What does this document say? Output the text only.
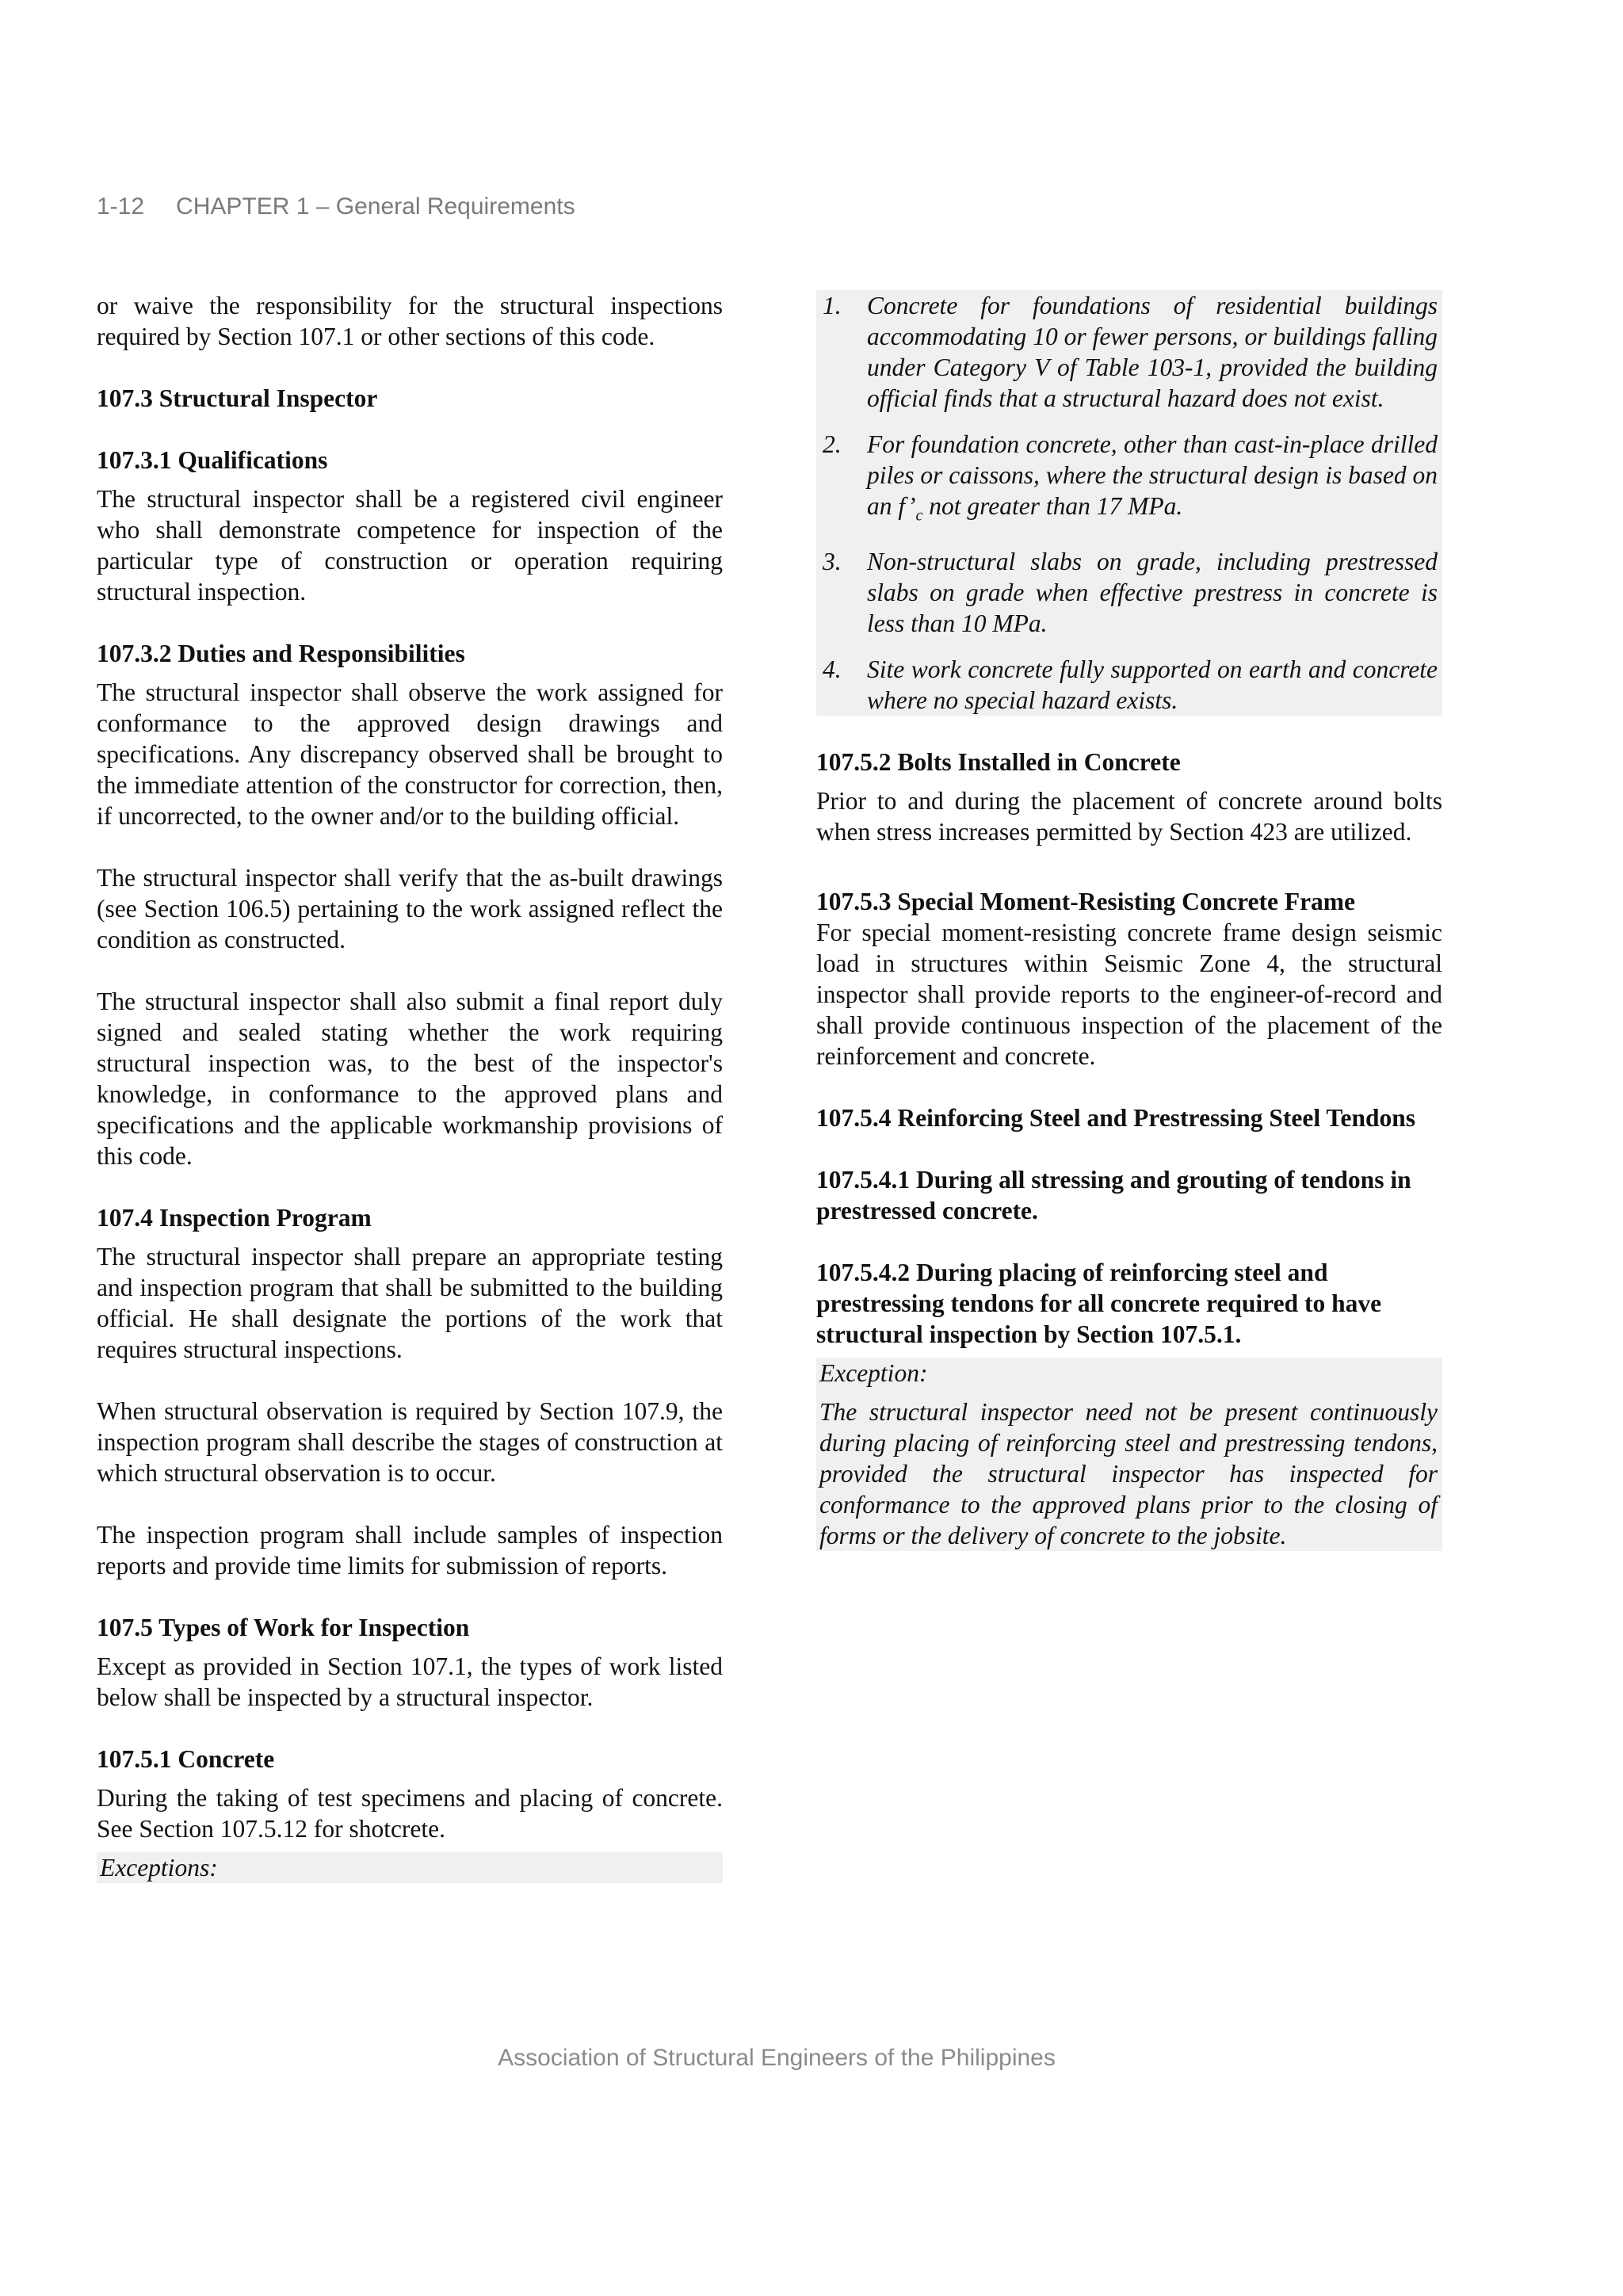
1-12 CHAPTER 1 – General Requirements

or waive the responsibility for the structural inspections required by Section 107.1 or other sections of this code.

107.3 Structural Inspector

107.3.1 Qualifications

The structural inspector shall be a registered civil engineer who shall demonstrate competence for inspection of the particular type of construction or operation requiring structural inspection.

107.3.2 Duties and Responsibilities

The structural inspector shall observe the work assigned for conformance to the approved design drawings and specifications. Any discrepancy observed shall be brought to the immediate attention of the constructor for correction, then, if uncorrected, to the owner and/or to the building official.

The structural inspector shall verify that the as-built drawings (see Section 106.5) pertaining to the work assigned reflect the condition as constructed.

The structural inspector shall also submit a final report duly signed and sealed stating whether the work requiring structural inspection was, to the best of the inspector's knowledge, in conformance to the approved plans and specifications and the applicable workmanship provisions of this code.

107.4 Inspection Program

The structural inspector shall prepare an appropriate testing and inspection program that shall be submitted to the building official. He shall designate the portions of the work that requires structural inspections.

When structural observation is required by Section 107.9, the inspection program shall describe the stages of construction at which structural observation is to occur.

The inspection program shall include samples of inspection reports and provide time limits for submission of reports.

107.5 Types of Work for Inspection

Except as provided in Section 107.1, the types of work listed below shall be inspected by a structural inspector.

107.5.1 Concrete

During the taking of test specimens and placing of concrete. See Section 107.5.12 for shotcrete.

Exceptions:

1. Concrete for foundations of residential buildings accommodating 10 or fewer persons, or buildings falling under Category V of Table 103-1, provided the building official finds that a structural hazard does not exist.
2. For foundation concrete, other than cast-in-place drilled piles or caissons, where the structural design is based on an $f’_c$ not greater than 17 MPa.
3. Non-structural slabs on grade, including prestressed slabs on grade when effective prestress in concrete is less than 10 MPa.
4. Site work concrete fully supported on earth and concrete where no special hazard exists.

107.5.2 Bolts Installed in Concrete

Prior to and during the placement of concrete around bolts when stress increases permitted by Section 423 are utilized.

107.5.3 Special Moment-Resisting Concrete Frame

For special moment-resisting concrete frame design seismic load in structures within Seismic Zone 4, the structural inspector shall provide reports to the engineer-of-record and shall provide continuous inspection of the placement of the reinforcement and concrete.

107.5.4 Reinforcing Steel and Prestressing Steel Tendons

107.5.4.1 During all stressing and grouting of tendons in prestressed concrete.

107.5.4.2 During placing of reinforcing steel and prestressing tendons for all concrete required to have structural inspection by Section 107.5.1.

Exception:

The structural inspector need not be present continuously during placing of reinforcing steel and prestressing tendons, provided the structural inspector has inspected for conformance to the approved plans prior to the closing of forms or the delivery of concrete to the jobsite.

Association of Structural Engineers of the Philippines
